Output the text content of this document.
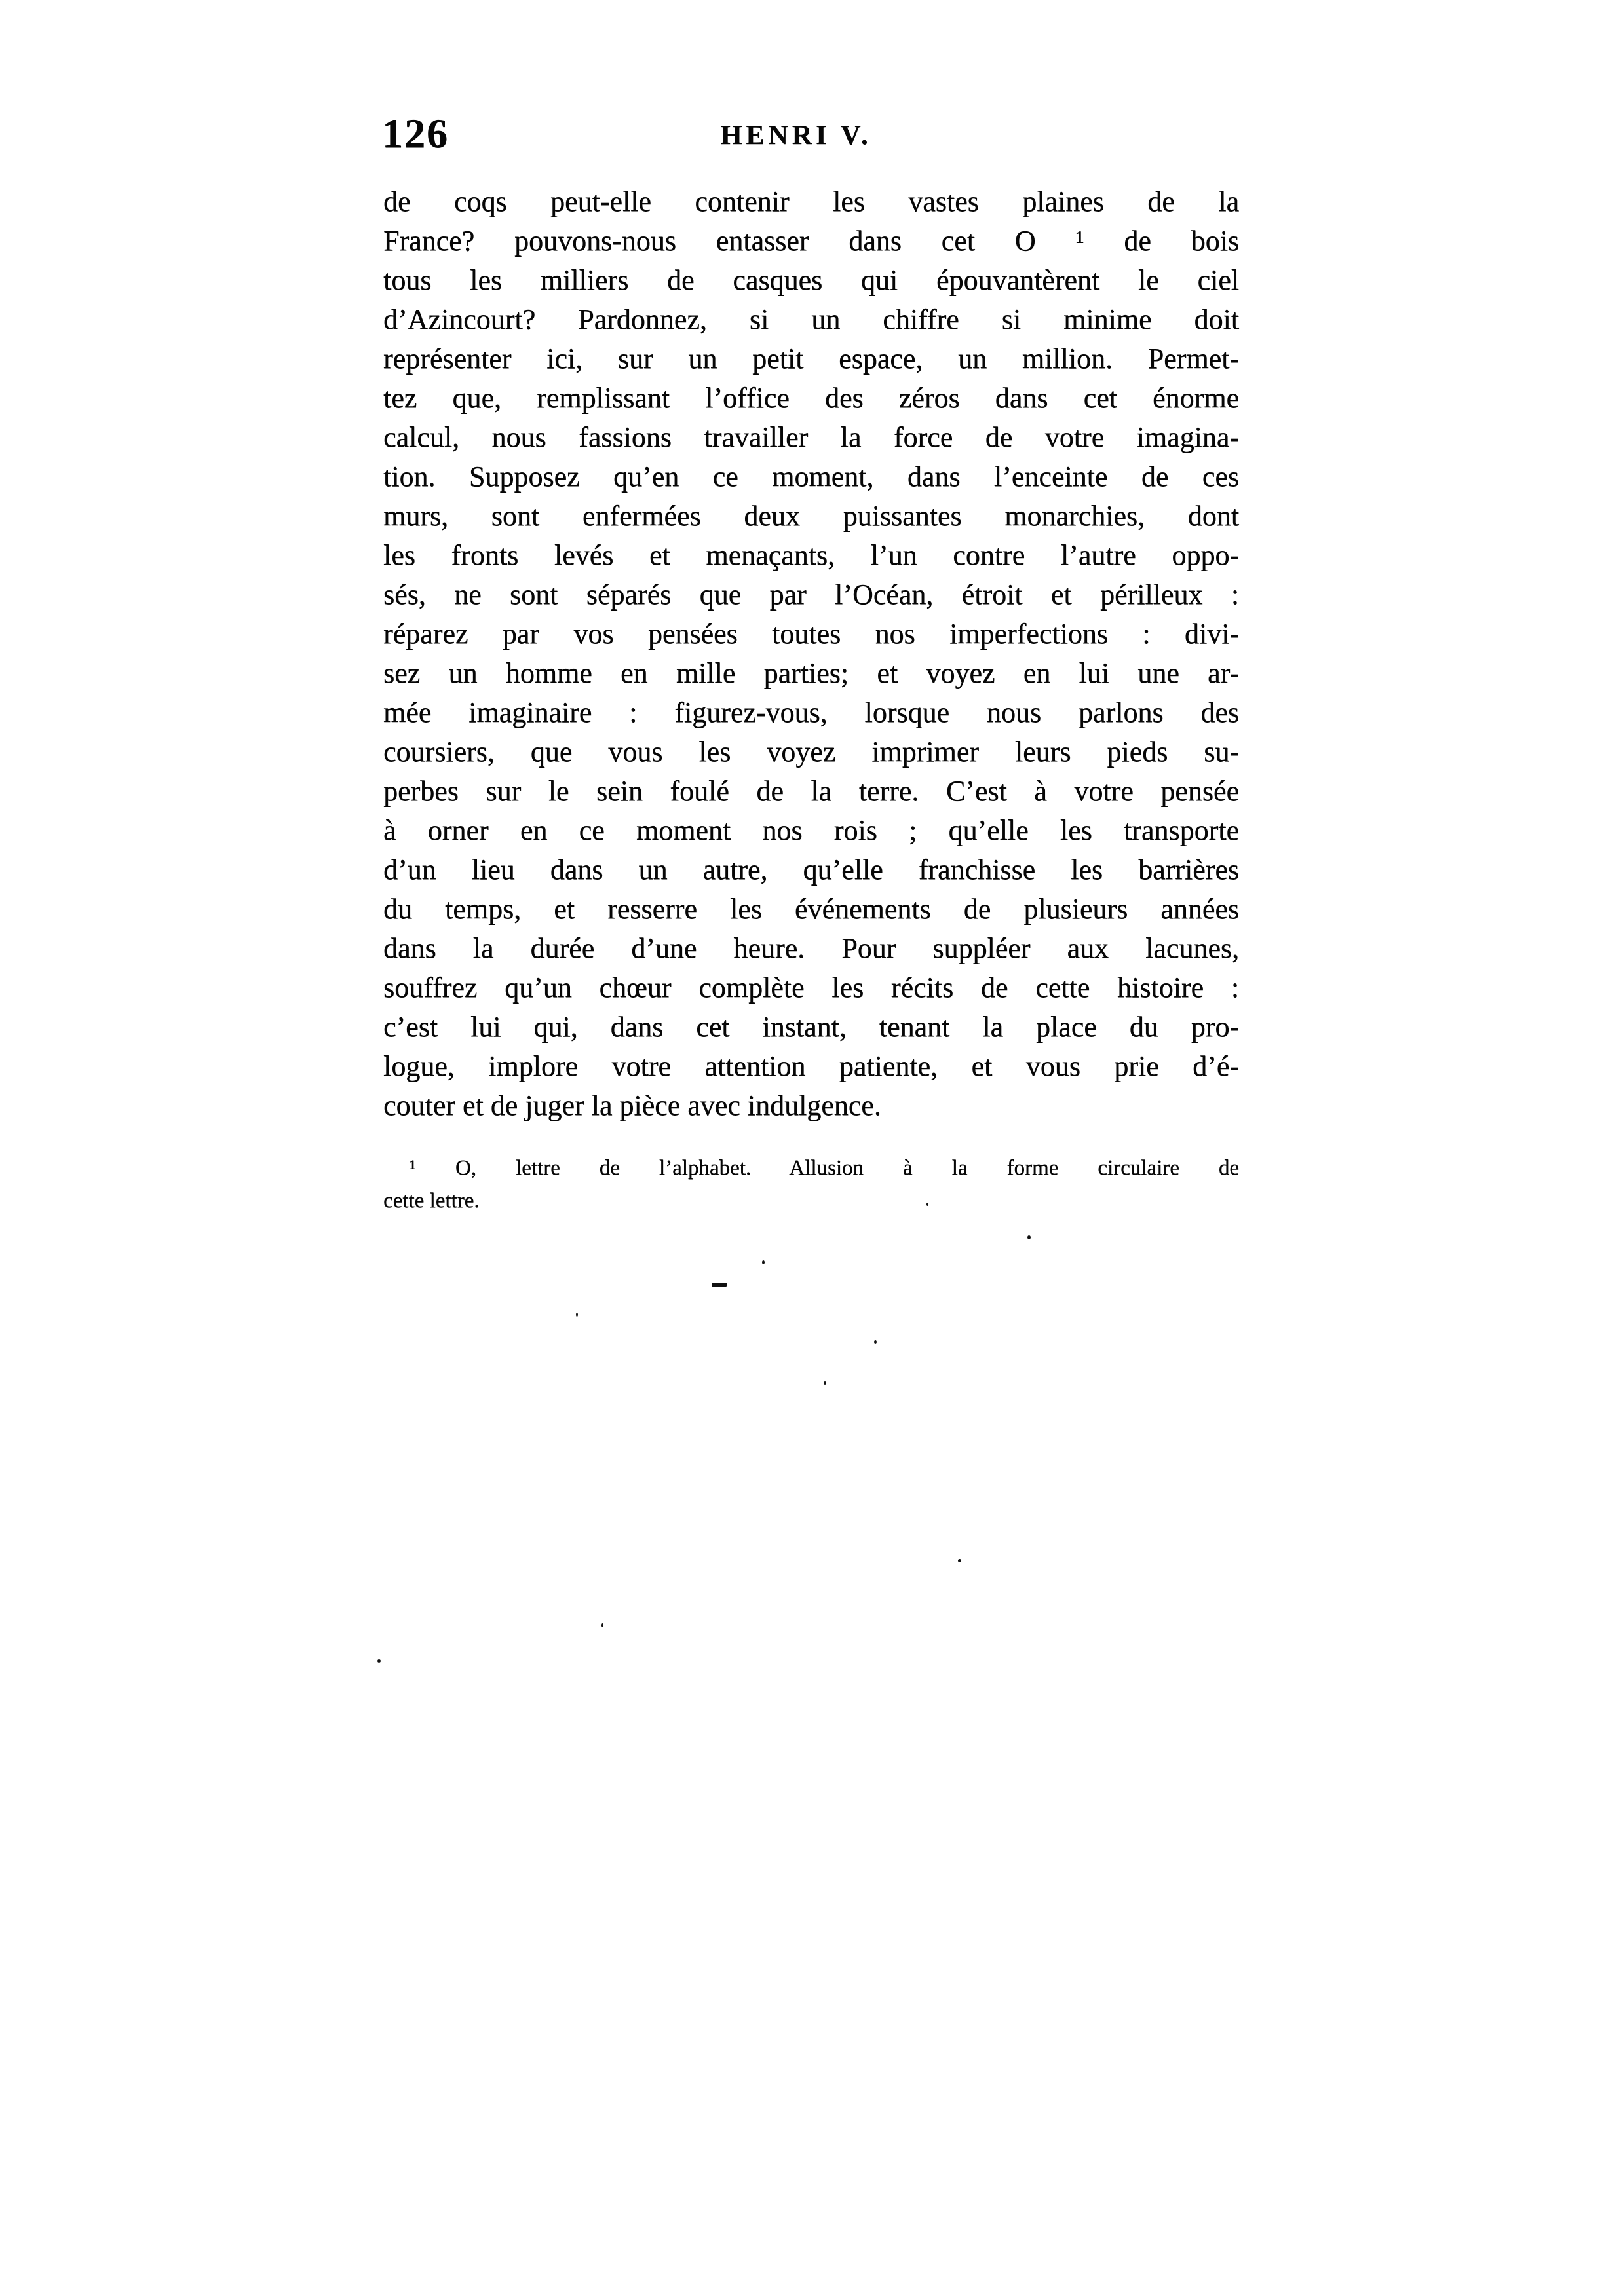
126	HENRI V.
de coqs peut-elle contenir les vastes plaines de la
France? pouvons-nous entasser dans cet O ¹ de bois
tous les milliers de casques qui épouvantèrent le ciel
d’Azincourt? Pardonnez, si un chiffre si minime doit
représenter ici, sur un petit espace, un million. Permet-
tez que, remplissant l’office des zéros dans cet énorme
calcul, nous fassions travailler la force de votre imagina-
tion. Supposez qu’en ce moment, dans l’enceinte de ces
murs, sont enfermées deux puissantes monarchies, dont
les fronts levés et menaçants, l’un contre l’autre oppo-
sés, ne sont séparés que par l’Océan, étroit et périlleux :
réparez par vos pensées toutes nos imperfections : divi-
sez un homme en mille parties; et voyez en lui une ar-
mée imaginaire : figurez-vous, lorsque nous parlons des
coursiers, que vous les voyez imprimer leurs pieds su-
perbes sur le sein foulé de la terre. C’est à votre pensée
à orner en ce moment nos rois ; qu’elle les transporte
d’un lieu dans un autre, qu’elle franchisse les barrières
du temps, et resserre les événements de plusieurs années
dans la durée d’une heure. Pour suppléer aux lacunes,
souffrez qu’un chœur complète les récits de cette histoire :
c’est lui qui, dans cet instant, tenant la place du pro-
logue, implore votre attention patiente, et vous prie d’é-
couter et de juger la pièce avec indulgence.
¹ O, lettre de l’alphabet. Allusion à la forme circulaire de
cette lettre.
